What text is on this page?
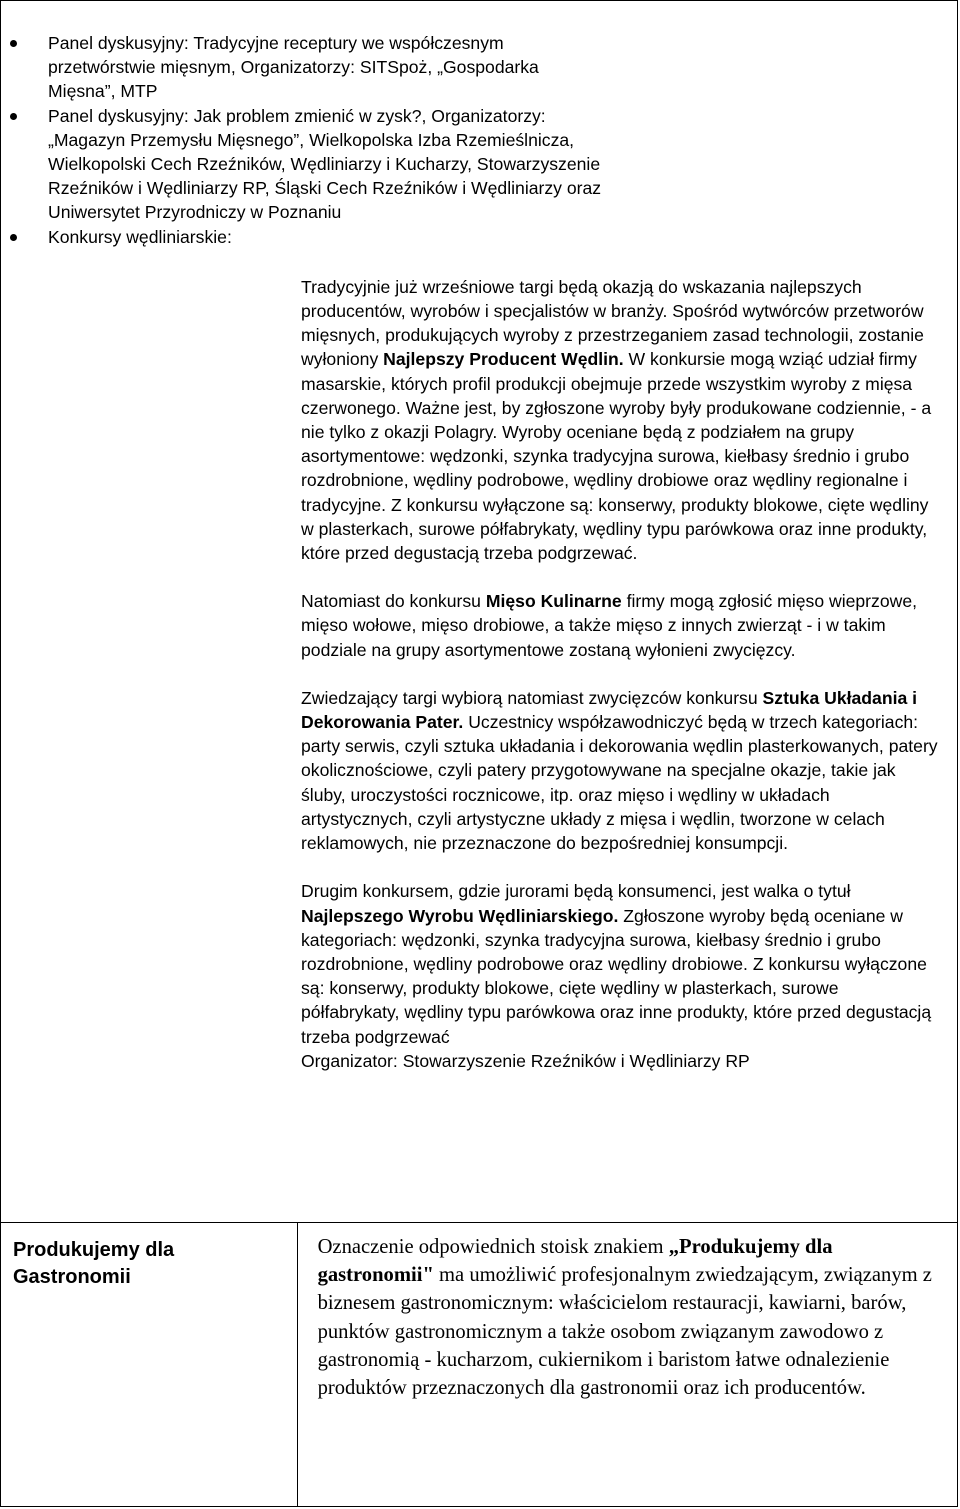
Panel dyskusyjny: Tradycyjne receptury we współczesnym przetwórstwie mięsnym, Organizatorzy: SITSpoż, „Gospodarka Mięsna”, MTP
Panel dyskusyjny: Jak problem zmienić w zysk?, Organizatorzy: „Magazyn Przemysłu Mięsnego”, Wielkopolska Izba Rzemieślnicza, Wielkopolski Cech Rzeźników, Wędliniarzy i Kucharzy, Stowarzyszenie Rzeźników i Wędliniarzy RP, Śląski Cech Rzeźników i Wędliniarzy oraz Uniwersytet Przyrodniczy w Poznaniu
Konkursy wędliniarskie:

Tradycyjnie już wrześniowe targi będą okazją do wskazania najlepszych producentów, wyrobów i specjalistów w branży. Spośród wytwórców przetworów mięsnych, produkujących wyroby z przestrzeganiem zasad technologii, zostanie wyłoniony Najlepszy Producent Wędlin. W konkursie mogą wziąć udział firmy masarskie, których profil produkcji obejmuje przede wszystkim wyroby z mięsa czerwonego. Ważne jest, by zgłoszone wyroby były produkowane codziennie, - a nie tylko z okazji Polagry. Wyroby oceniane będą z podziałem na grupy asortymentowe: wędzonki, szynka tradycyjna surowa, kiełbasy średnio i grubo rozdrobnione, wędliny podrobowe, wędliny drobiowe oraz wędliny regionalne i tradycyjne. Z konkursu wyłączone są: konserwy, produkty blokowe, cięte wędliny w plasterkach, surowe półfabrykaty, wędliny typu parówkowa oraz inne produkty, które przed degustacją trzeba podgrzewać.

Natomiast do konkursu Mięso Kulinarne firmy mogą zgłosić mięso wieprzowe, mięso wołowe, mięso drobiowe, a także mięso z innych zwierząt - i w takim podziale na grupy asortymentowe zostaną wyłonieni zwycięzcy.

Zwiedzający targi wybiorą natomiast zwycięzców konkursu Sztuka Układania i Dekorowania Pater. Uczestnicy współzawodniczyć będą w trzech kategoriach: party serwis, czyli sztuka układania i dekorowania wędlin plasterkowanych, patery okolicznościowe, czyli patery przygotowywane na specjalne okazje, takie jak śluby, uroczystości rocznicowe, itp. oraz mięso i wędliny w układach artystycznych, czyli artystyczne układy z mięsa i wędlin, tworzone w celach reklamowych, nie przeznaczone do bezpośredniej konsumpcji.

Drugim konkursem, gdzie jurorami będą konsumenci, jest walka o tytuł Najlepszego Wyrobu Wędliniarskiego. Zgłoszone wyroby będą oceniane w kategoriach: wędzonki, szynka tradycyjna surowa, kiełbasy średnio i grubo rozdrobnione, wędliny podrobowe oraz wędliny drobiowe. Z konkursu wyłączone są: konserwy, produkty blokowe, cięte wędliny w plasterkach, surowe półfabrykaty, wędliny typu parówkowa oraz inne produkty, które przed degustacją trzeba podgrzewać

Organizator: Stowarzyszenie Rzeźników i Wędliniarzy RP

Produkujemy dla Gastronomii	Oznaczenie odpowiednich stoisk znakiem „Produkujemy dla gastronomii" ma umożliwić profesjonalnym zwiedzającym, związanym z biznesem gastronomicznym: właścicielom restauracji, kawiarni, barów, punktów gastronomicznym a także osobom związanym zawodowo z gastronomią - kucharzom, cukiernikom i baristom łatwe odnalezienie produktów przeznaczonych dla gastronomii oraz ich producentów.
